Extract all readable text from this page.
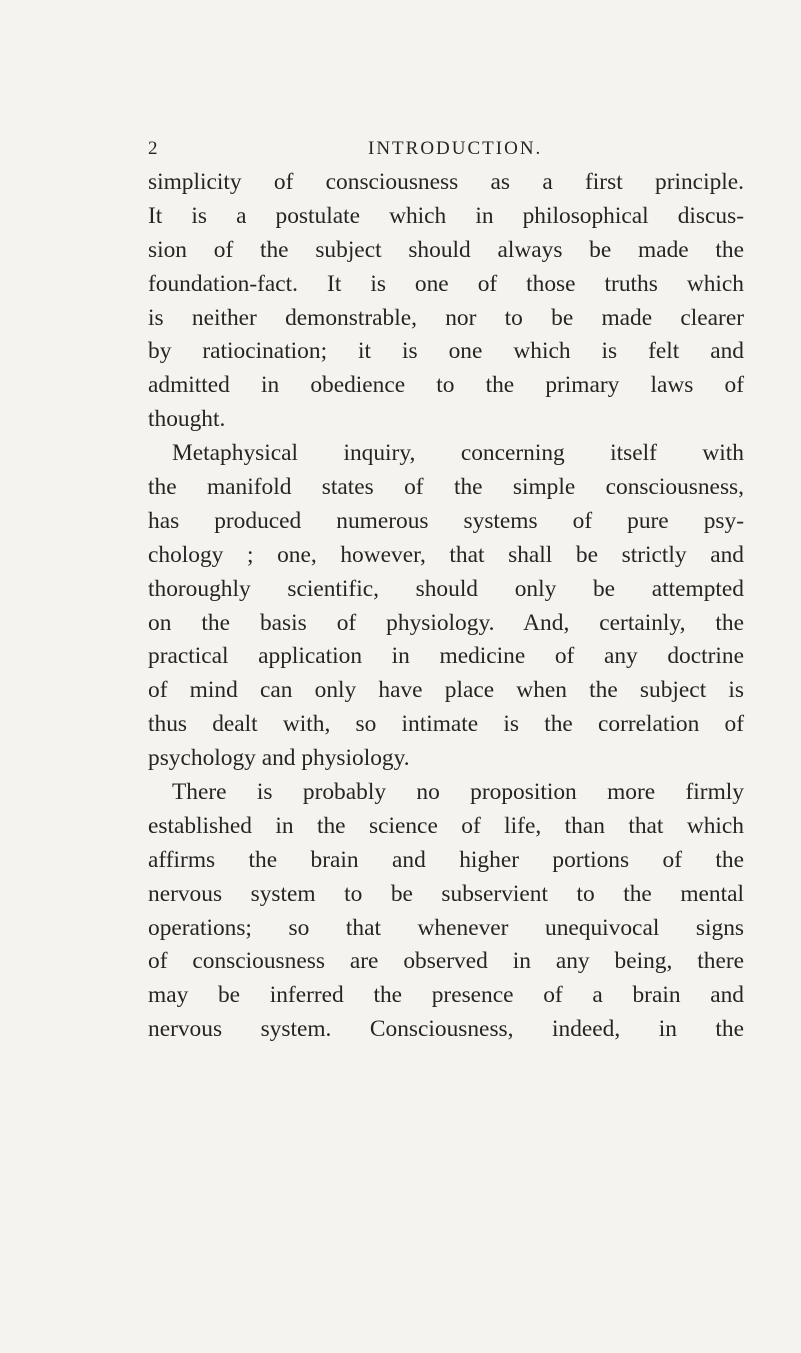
2	INTRODUCTION.
simplicity of consciousness as a first principle.
It is a postulate which in philosophical discus-
sion of the subject should always be made the
foundation-fact. It is one of those truths which
is neither demonstrable, nor to be made clearer
by ratiocination; it is one which is felt and
admitted in obedience to the primary laws of
thought.
Metaphysical inquiry, concerning itself with
the manifold states of the simple consciousness,
has produced numerous systems of pure psy-
chology ; one, however, that shall be strictly and
thoroughly scientific, should only be attempted
on the basis of physiology. And, certainly, the
practical application in medicine of any doctrine
of mind can only have place when the subject is
thus dealt with, so intimate is the correlation of
psychology and physiology.
There is probably no proposition more firmly
established in the science of life, than that which
affirms the brain and higher portions of the
nervous system to be subservient to the mental
operations; so that whenever unequivocal signs
of consciousness are observed in any being, there
may be inferred the presence of a brain and
nervous system. Consciousness, indeed, in the
